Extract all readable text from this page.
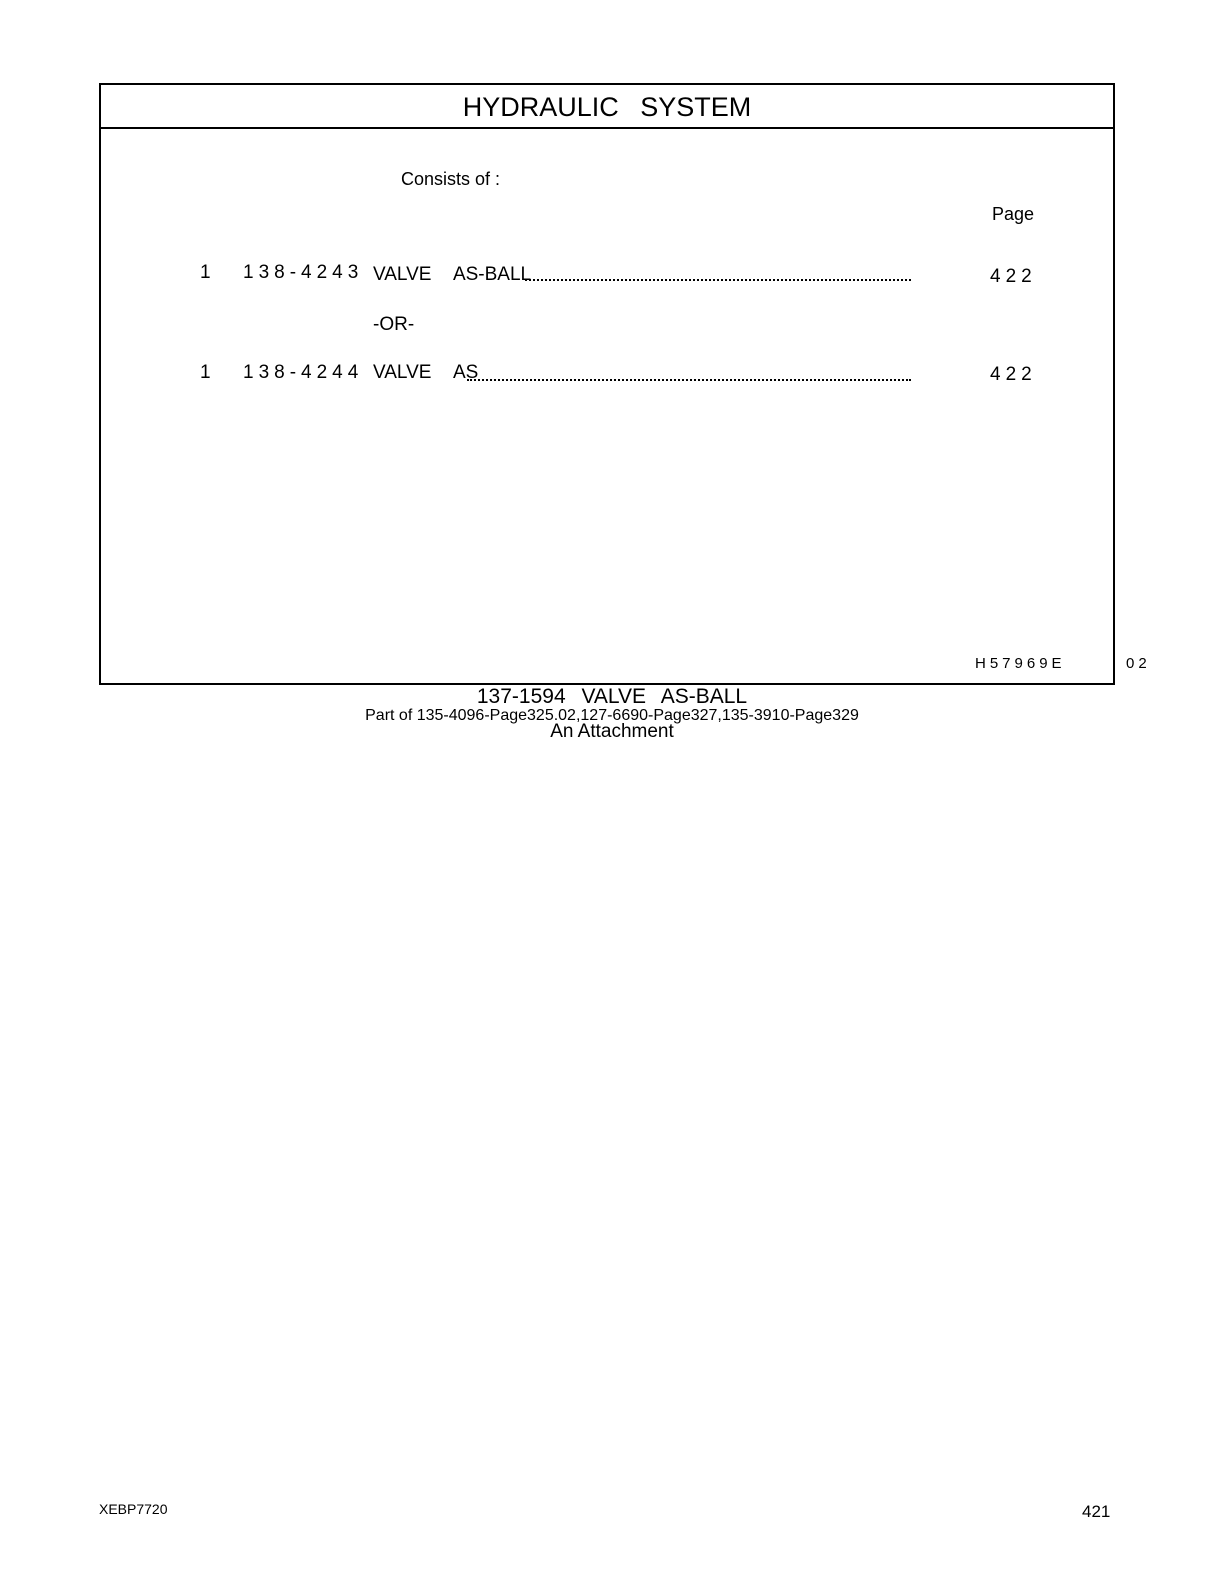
HYDRAULIC SYSTEM
Consists of :
Page
1 138-4243 VALVE  AS-BALL	422
-OR-
1 138-4244 VALVE  AS	422
H57969E   02
137-1594 VALVE AS-BALL
Part of 135-4096-Page325.02,127-6690-Page327,135-3910-Page329
An Attachment
XEBP7720	421
